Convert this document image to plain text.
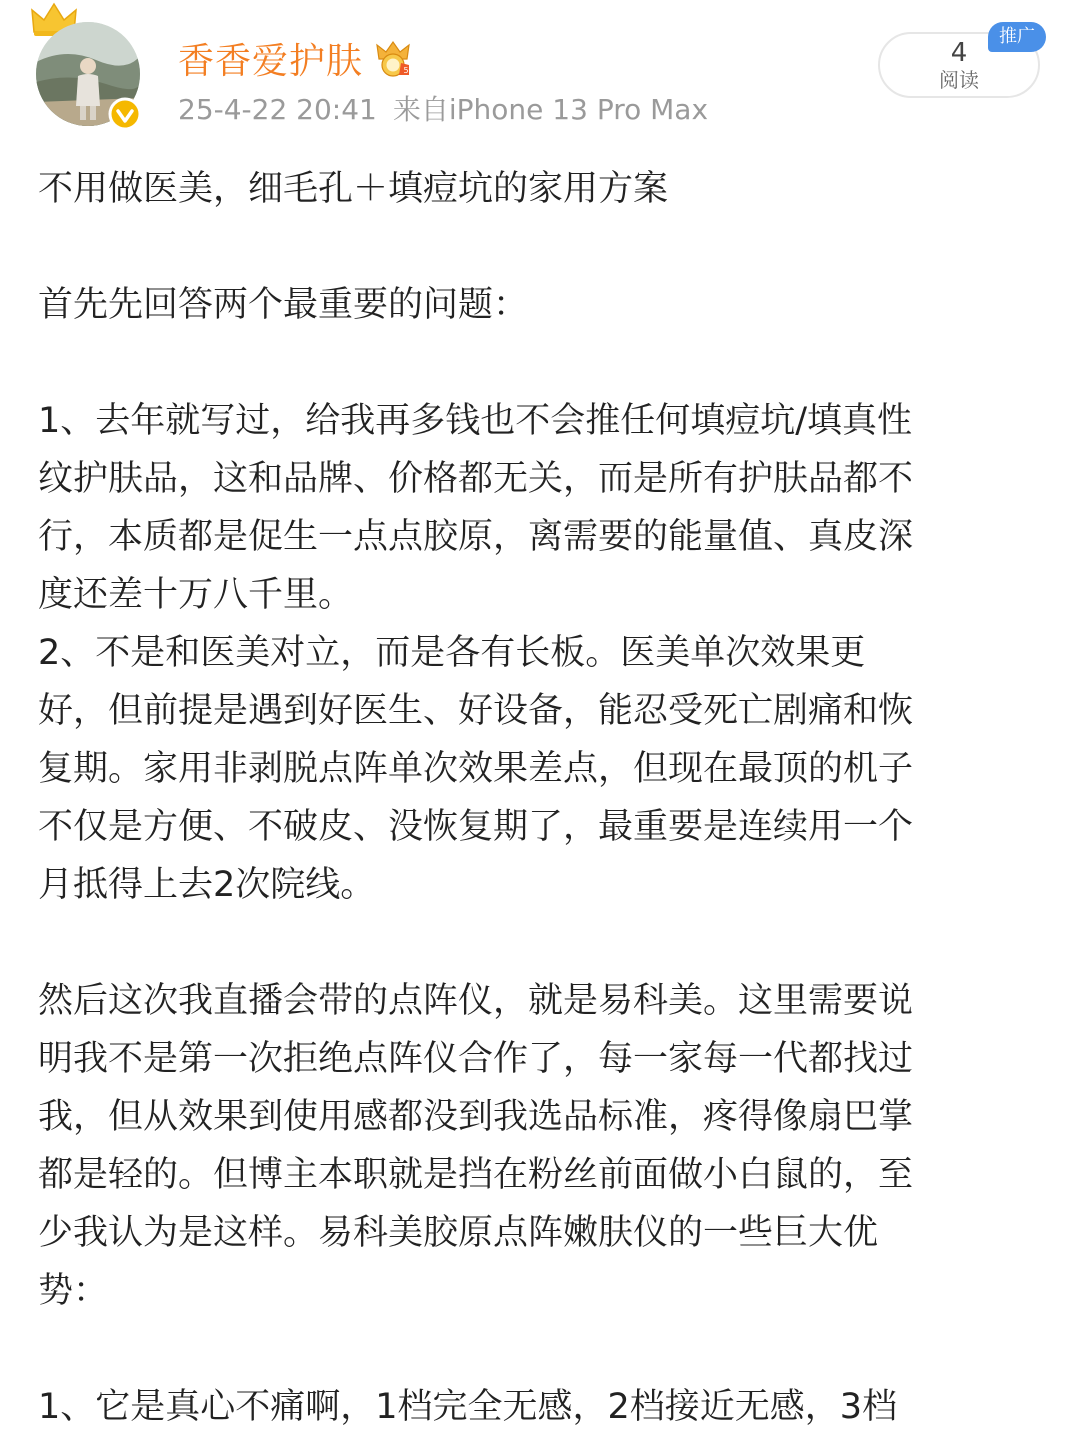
香香爱护肤	5
25-4-22 20:41 来自iPhone 13 Pro Max
4
阅读
推广

不用做医美，细毛孔＋填痘坑的家用方案

首先先回答两个最重要的问题：

1、去年就写过，给我再多钱也不会推任何填痘坑/填真性

纹护肤品，这和品牌、价格都无关，而是所有护肤品都不

行，本质都是促生一点点胶原，离需要的能量值、真皮深

度还差十万八千里。

2、不是和医美对立，而是各有长板。医美单次效果更

好，但前提是遇到好医生、好设备，能忍受死亡剧痛和恢

复期。家用非剥脱点阵单次效果差点，但现在最顶的机子

不仅是方便、不破皮、没恢复期了，最重要是连续用一个

月抵得上去2次院线。

然后这次我直播会带的点阵仪，就是易科美。这里需要说

明我不是第一次拒绝点阵仪合作了，每一家每一代都找过

我，但从效果到使用感都没到我选品标准，疼得像扇巴掌

都是轻的。但博主本职就是挡在粉丝前面做小白鼠的，至

少我认为是这样。易科美胶原点阵嫩肤仪的一些巨大优

势：

1、它是真心不痛啊，1档完全无感，2档接近无感，3档
